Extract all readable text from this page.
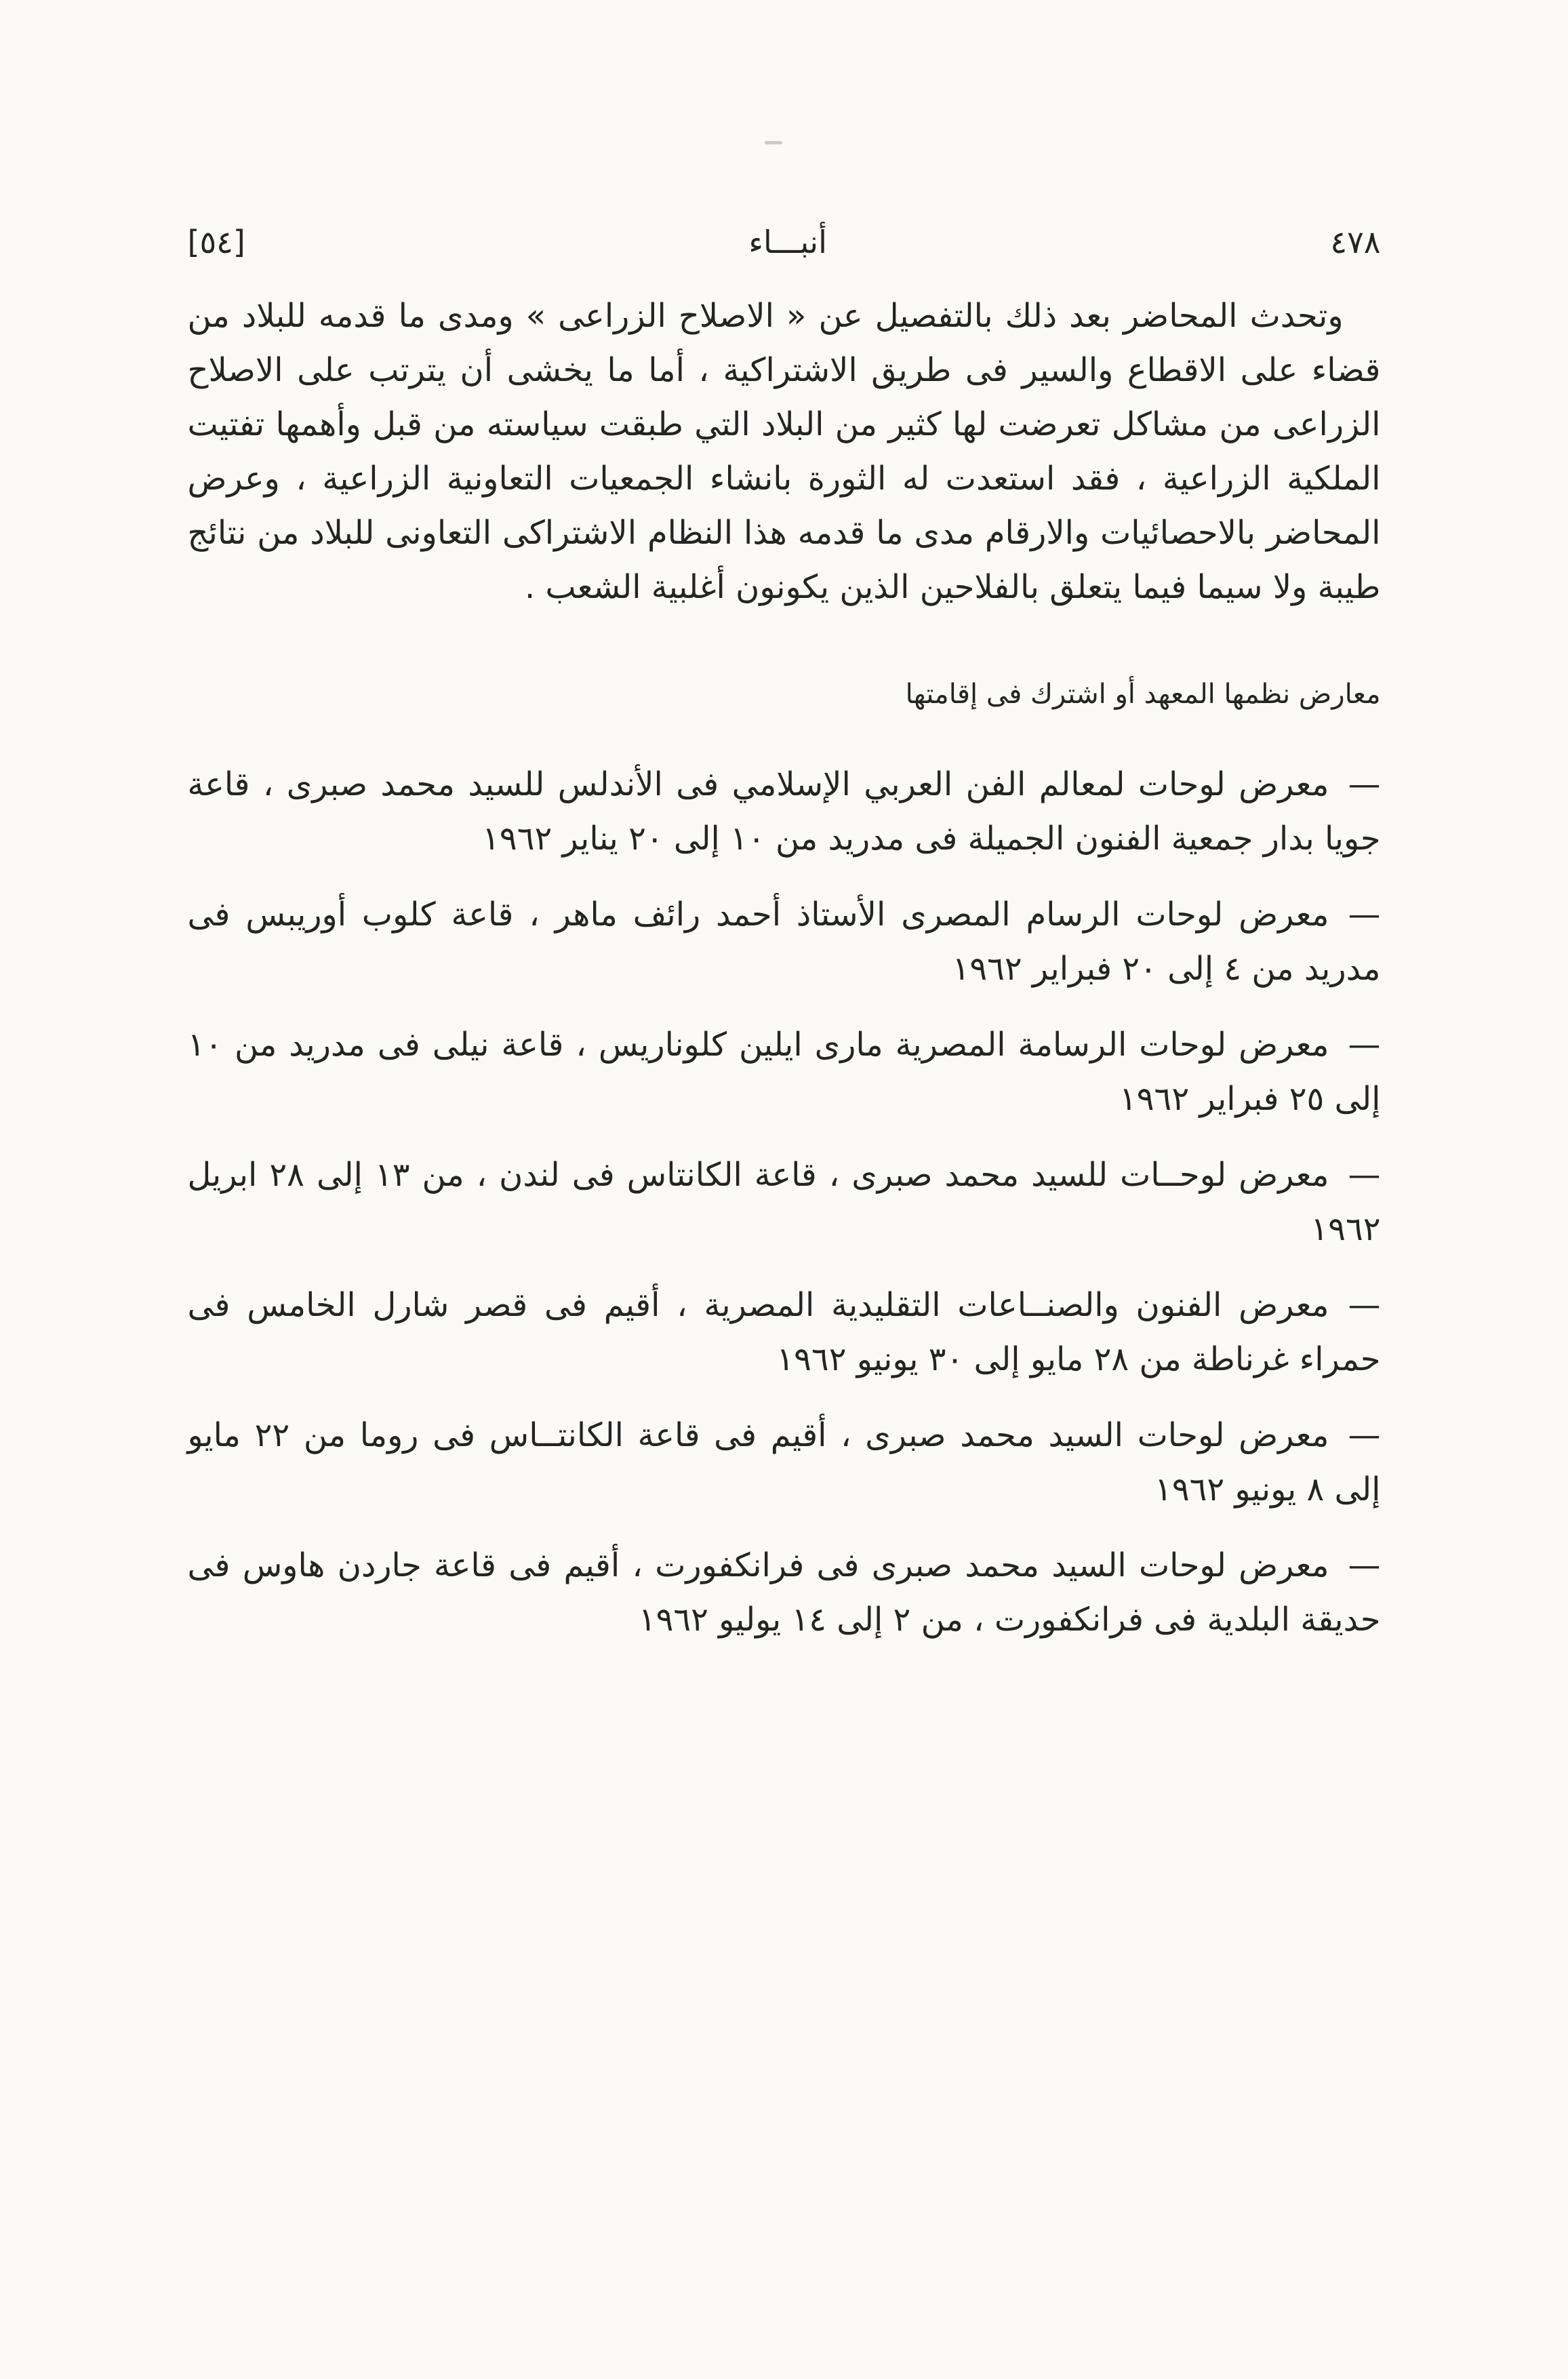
٤٧٨
أنبـــاء
[٥٤]

وتحدث المحاضر بعد ذلك بالتفصيل عن « الاصلاح الزراعى » ومدى ما قدمه للبلاد من قضاء على الاقطاع والسير فى طريق الاشتراكية ، أما ما يخشى أن يترتب على الاصلاح الزراعى من مشاكل تعرضت لها كثير من البلاد التي طبقت سياسته من قبل وأهمها تفتيت الملكية الزراعية ، فقد استعدت له الثورة بانشاء الجمعيات التعاونية الزراعية ، وعرض المحاضر بالاحصائيات والارقام مدى ما قدمه هذا النظام الاشتراكى التعاونى للبلاد من نتائج طيبة ولا سيما فيما يتعلق بالفلاحين الذين يكونون أغلبية الشعب .

معارض نظمها المعهد أو اشترك فى إقامتها

—معرض لوحات لمعالم الفن العربي الإسلامي فى الأندلس للسيد محمد صبرى ، قاعة جويا بدار جمعية الفنون الجميلة فى مدريد من ١٠ إلى ٢٠ يناير ١٩٦٢

—معرض لوحات الرسام المصرى الأستاذ أحمد رائف ماهر ، قاعة كلوب أوريبس فى مدريد من ٤ إلى ٢٠ فبراير ١٩٦٢

—معرض لوحات الرسامة المصرية مارى ايلين كلوناريس ، قاعة نيلى فى مدريد من ١٠ إلى ٢٥ فبراير ١٩٦٢

—معرض لوحــات للسيد محمد صبرى ، قاعة الكانتاس فى لندن ، من ١٣ إلى ٢٨ ابريل ١٩٦٢

—معرض الفنون والصنــاعات التقليدية المصرية ، أقيم فى قصر شارل الخامس فى حمراء غرناطة من ٢٨ مايو إلى ٣٠ يونيو ١٩٦٢

—معرض لوحات السيد محمد صبرى ، أقيم فى قاعة الكانتــاس فى روما من ٢٢ مايو إلى ٨ يونيو ١٩٦٢

—معرض لوحات السيد محمد صبرى فى فرانكفورت ، أقيم فى قاعة جاردن هاوس فى حديقة البلدية فى فرانكفورت ، من ٢ إلى ١٤ يوليو ١٩٦٢
